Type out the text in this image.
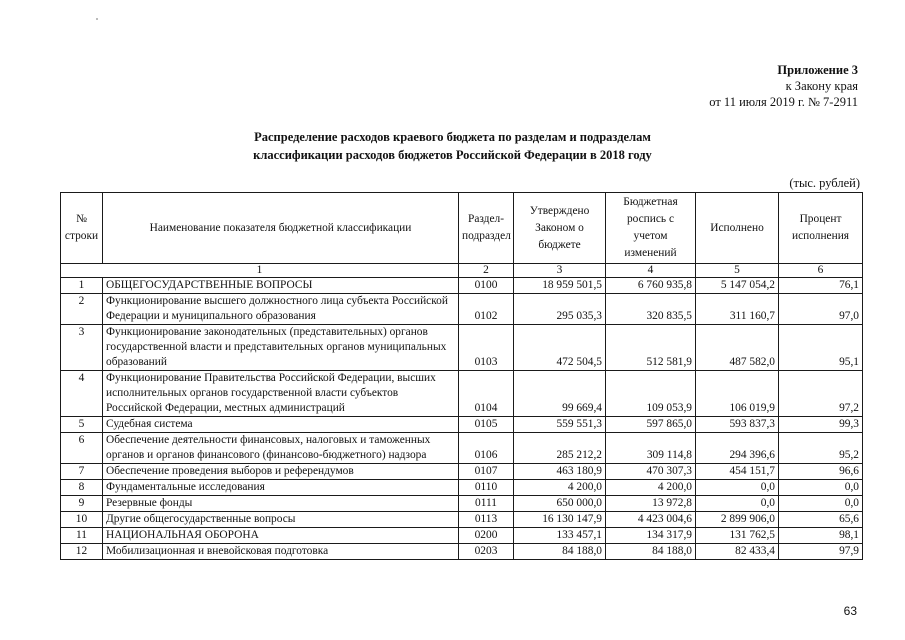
Приложение 3
к Закону края
от 11 июля 2019 г. № 7-2911
Распределение расходов краевого бюджета по разделам и подразделам
классификации расходов бюджетов Российской Федерации в 2018 году
(тыс. рублей)
№ строки	Наименование показателя бюджетной классификации	Раздел-подраздел	Утверждено Законом о бюджете	Бюджетная роспись с учетом изменений	Исполнено	Процент исполнения
1		2	3	4	5	6
1	ОБЩЕГОСУДАРСТВЕННЫЕ ВОПРОСЫ	0100	18 959 501,5	6 760 935,8	5 147 054,2	76,1
2	Функционирование высшего должностного лица субъекта Российской Федерации и муниципального образования	0102	295 035,3	320 835,5	311 160,7	97,0
3	Функционирование законодательных (представительных) органов государственной власти и представительных органов муниципальных образований	0103	472 504,5	512 581,9	487 582,0	95,1
4	Функционирование Правительства Российской Федерации, высших исполнительных органов государственной власти субъектов Российской Федерации, местных администраций	0104	99 669,4	109 053,9	106 019,9	97,2
5	Судебная система	0105	559 551,3	597 865,0	593 837,3	99,3
6	Обеспечение деятельности финансовых, налоговых и таможенных органов и органов финансового (финансово-бюджетного) надзора	0106	285 212,2	309 114,8	294 396,6	95,2
7	Обеспечение проведения выборов и референдумов	0107	463 180,9	470 307,3	454 151,7	96,6
8	Фундаментальные исследования	0110	4 200,0	4 200,0	0,0	0,0
9	Резервные фонды	0111	650 000,0	13 972,8	0,0	0,0
10	Другие общегосударственные вопросы	0113	16 130 147,9	4 423 004,6	2 899 906,0	65,6
11	НАЦИОНАЛЬНАЯ ОБОРОНА	0200	133 457,1	134 317,9	131 762,5	98,1
12	Мобилизационная и вневойсковая подготовка	0203	84 188,0	84 188,0	82 433,4	97,9
63
